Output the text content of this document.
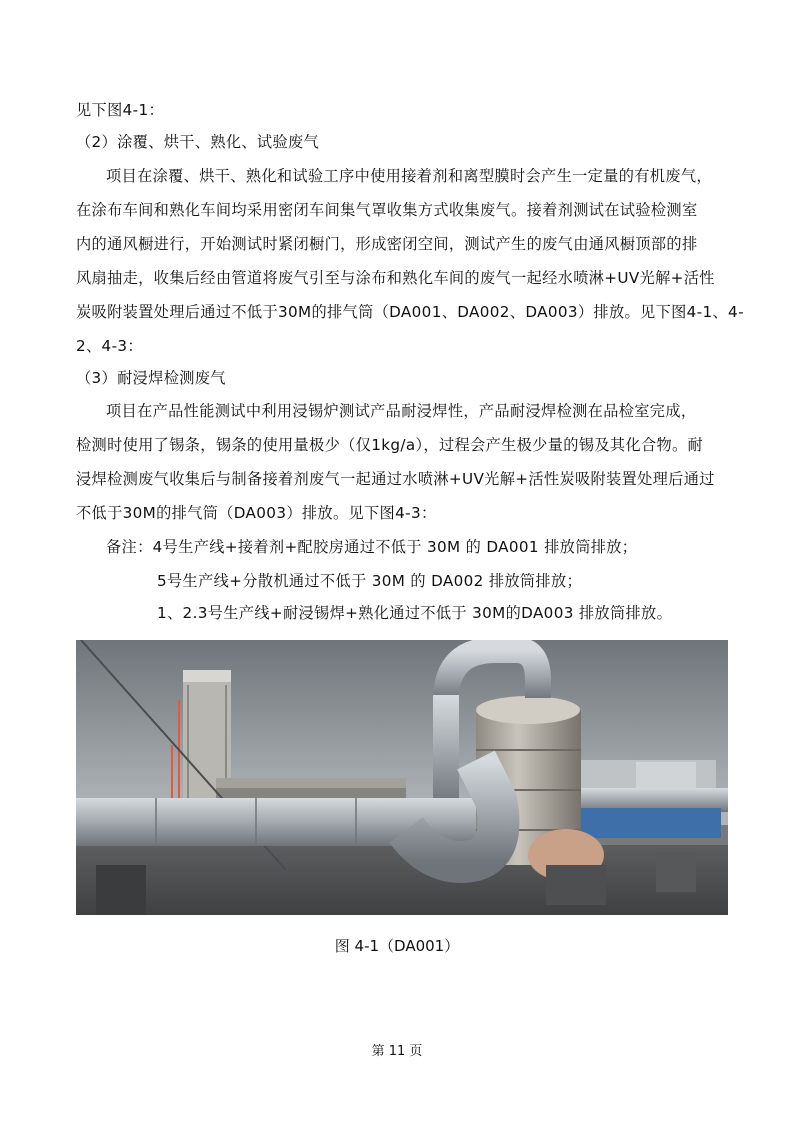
见下图4-1：
（2）涂覆、烘干、熟化、试验废气
项目在涂覆、烘干、熟化和试验工序中使用接着剂和离型膜时会产生一定量的有机废气，
在涂布车间和熟化车间均采用密闭车间集气罩收集方式收集废气。接着剂测试在试验检测室
内的通风橱进行，开始测试时紧闭橱门，形成密闭空间，测试产生的废气由通风橱顶部的排
风扇抽走，收集后经由管道将废气引至与涂布和熟化车间的废气一起经水喷淋+UV光解+活性
炭吸附装置处理后通过不低于30M的排气筒（DA001、DA002、DA003）排放。见下图4-1、4-
2、4-3：
（3）耐浸焊检测废气
项目在产品性能测试中利用浸锡炉测试产品耐浸焊性，产品耐浸焊检测在品检室完成，
检测时使用了锡条，锡条的使用量极少（仅1kg/a），过程会产生极少量的锡及其化合物。耐
浸焊检测废气收集后与制备接着剂废气一起通过水喷淋+UV光解+活性炭吸附装置处理后通过
不低于30M的排气筒（DA003）排放。见下图4-3：
备注：4号生产线+接着剂+配胶房通过不低于 30M 的 DA001 排放筒排放；
5号生产线+分散机通过不低于 30M 的 DA002 排放筒排放；
1、2.3号生产线+耐浸锡焊+熟化通过不低于 30M的DA003 排放筒排放。
图 4-1（DA001）
第 11 页
